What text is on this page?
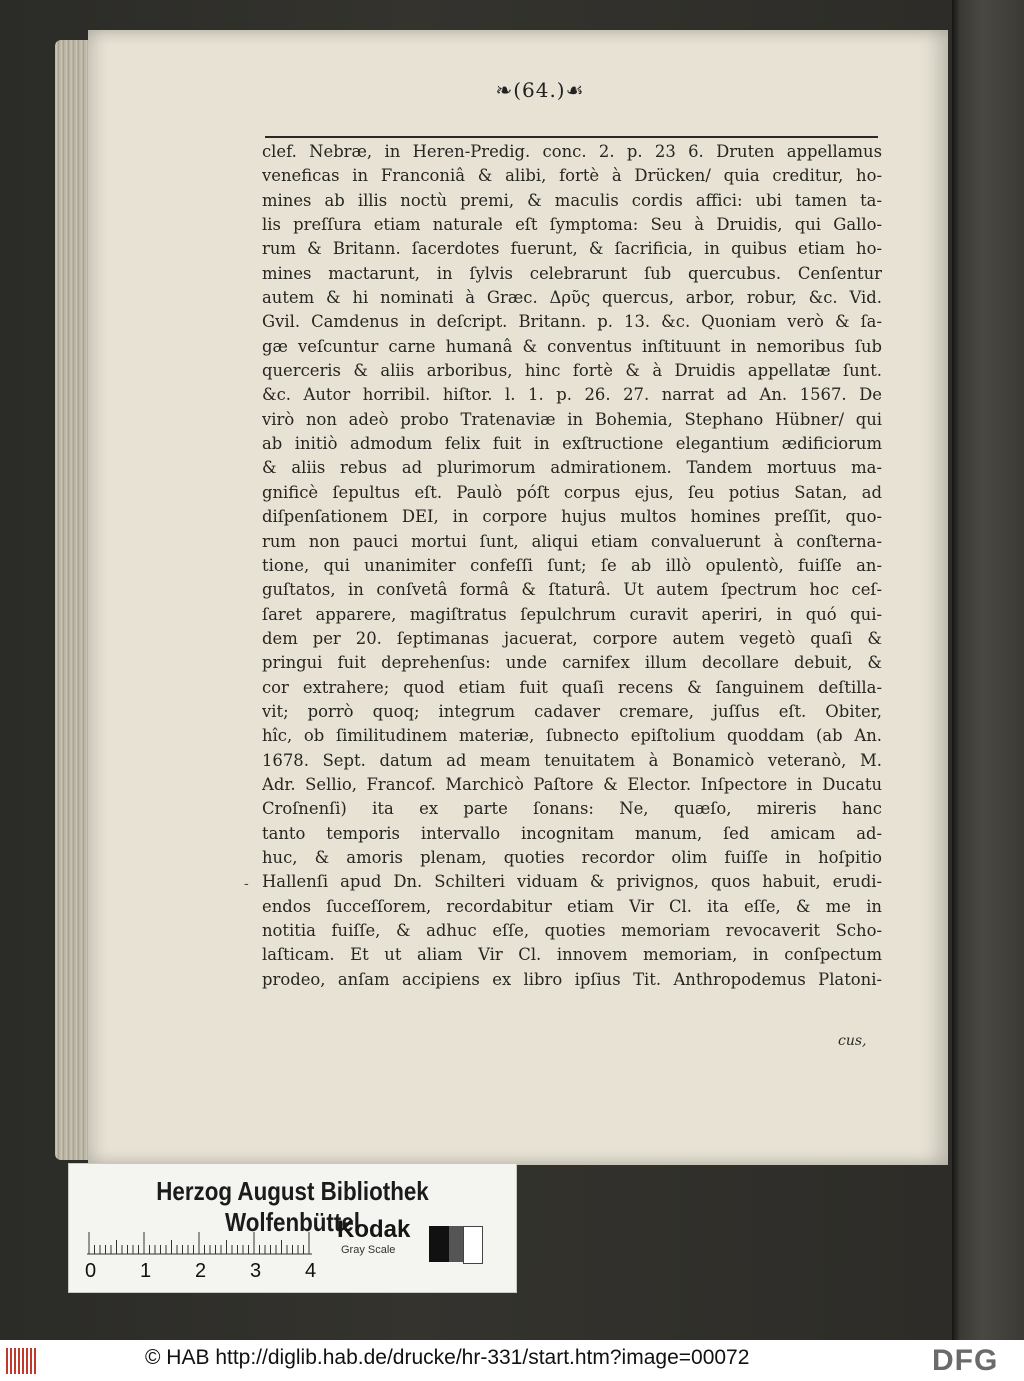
❧(64.)☙
clef. Nebræ, in Heren-Predig. conc. 2. p. 23 6. Druten appellamus
veneficas in Franconiâ & alibi, fortè à Drücken/ quia creditur, ho-
mines ab illis noctù premi, & maculis cordis affici: ubi tamen ta-
lis preſſura etiam naturale eſt ſymptoma: Seu à Druidis, qui Gallo-
rum & Britann. ſacerdotes fuerunt, & ſacrificia, in quibus etiam ho-
mines mactarunt, in ſylvis celebrarunt ſub quercubus. Cenſentur
autem & hi nominati à Græc. Δρῦς quercus, arbor, robur, &c. Vid.
Gvil. Camdenus in deſcript. Britann. p. 13. &c. Quoniam verò & ſa-
gæ veſcuntur carne humanâ & conventus inſtituunt in nemoribus ſub
querceris & aliis arboribus, hinc fortè & à Druidis appellatæ ſunt.
&c. Autor horribil. hiſtor. l. 1. p. 26. 27. narrat ad An. 1567. De
virò non adeò probo Tratenaviæ in Bohemia, Stephano Hübner/ qui
ab initiò admodum felix fuit in exſtructione elegantium ædificiorum
& aliis rebus ad plurimorum admirationem. Tandem mortuus ma-
gnificè ſepultus eſt. Paulò póſt corpus ejus, ſeu potius Satan, ad
diſpenſationem DEI, in corpore hujus multos homines preſſit, quo-
rum non pauci mortui ſunt, aliqui etiam convaluerunt à conſterna-
tione, qui unanimiter confeſſi ſunt; ſe ab illò opulentò, fuiſſe an-
guſtatos, in conſvetâ formâ & ſtaturâ. Ut autem ſpectrum hoc ceſ-
ſaret apparere, magiſtratus ſepulchrum curavit aperiri, in quó qui-
dem per 20. ſeptimanas jacuerat, corpore autem vegetò quaſi &
pringui fuit deprehenſus: unde carnifex illum decollare debuit, &
cor extrahere; quod etiam fuit quaſi recens & ſanguinem deſtilla-
vit; porrò quoq; integrum cadaver cremare, juſſus eſt. Obiter,
hîc, ob ſimilitudinem materiæ, ſubnecto epiſtolium quoddam (ab An.
1678. Sept. datum ad meam tenuitatem à Bonamicò veteranò, M.
Adr. Sellio, Francof. Marchicò Paſtore & Elector. Inſpectore in Ducatu
Croſnenſi) ita ex parte ſonans: Ne, quæſo, mireris hanc
tanto temporis intervallo incognitam manum, ſed amicam ad-
huc, & amoris plenam, quoties recordor olim fuiſſe in hoſpitio
Hallenſi apud Dn. Schilteri viduam & privignos, quos habuit, erudi-
endos ſucceſſorem, recordabitur etiam Vir Cl. ita eſſe, & me in
notitia fuiſſe, & adhuc eſſe, quoties memoriam revocaverit Scho-
laſticam. Et ut aliam Vir Cl. innovem memoriam, in conſpectum
prodeo, anſam accipiens ex libro ipſius Tit. Anthropodemus Platoni-
-
cus,
Herzog August Bibliothek Wolfenbüttel
Kodak
Gray Scale
0 1 2 3 4
© HAB http://diglib.hab.de/drucke/hr-331/start.htm?image=00072	DFG
